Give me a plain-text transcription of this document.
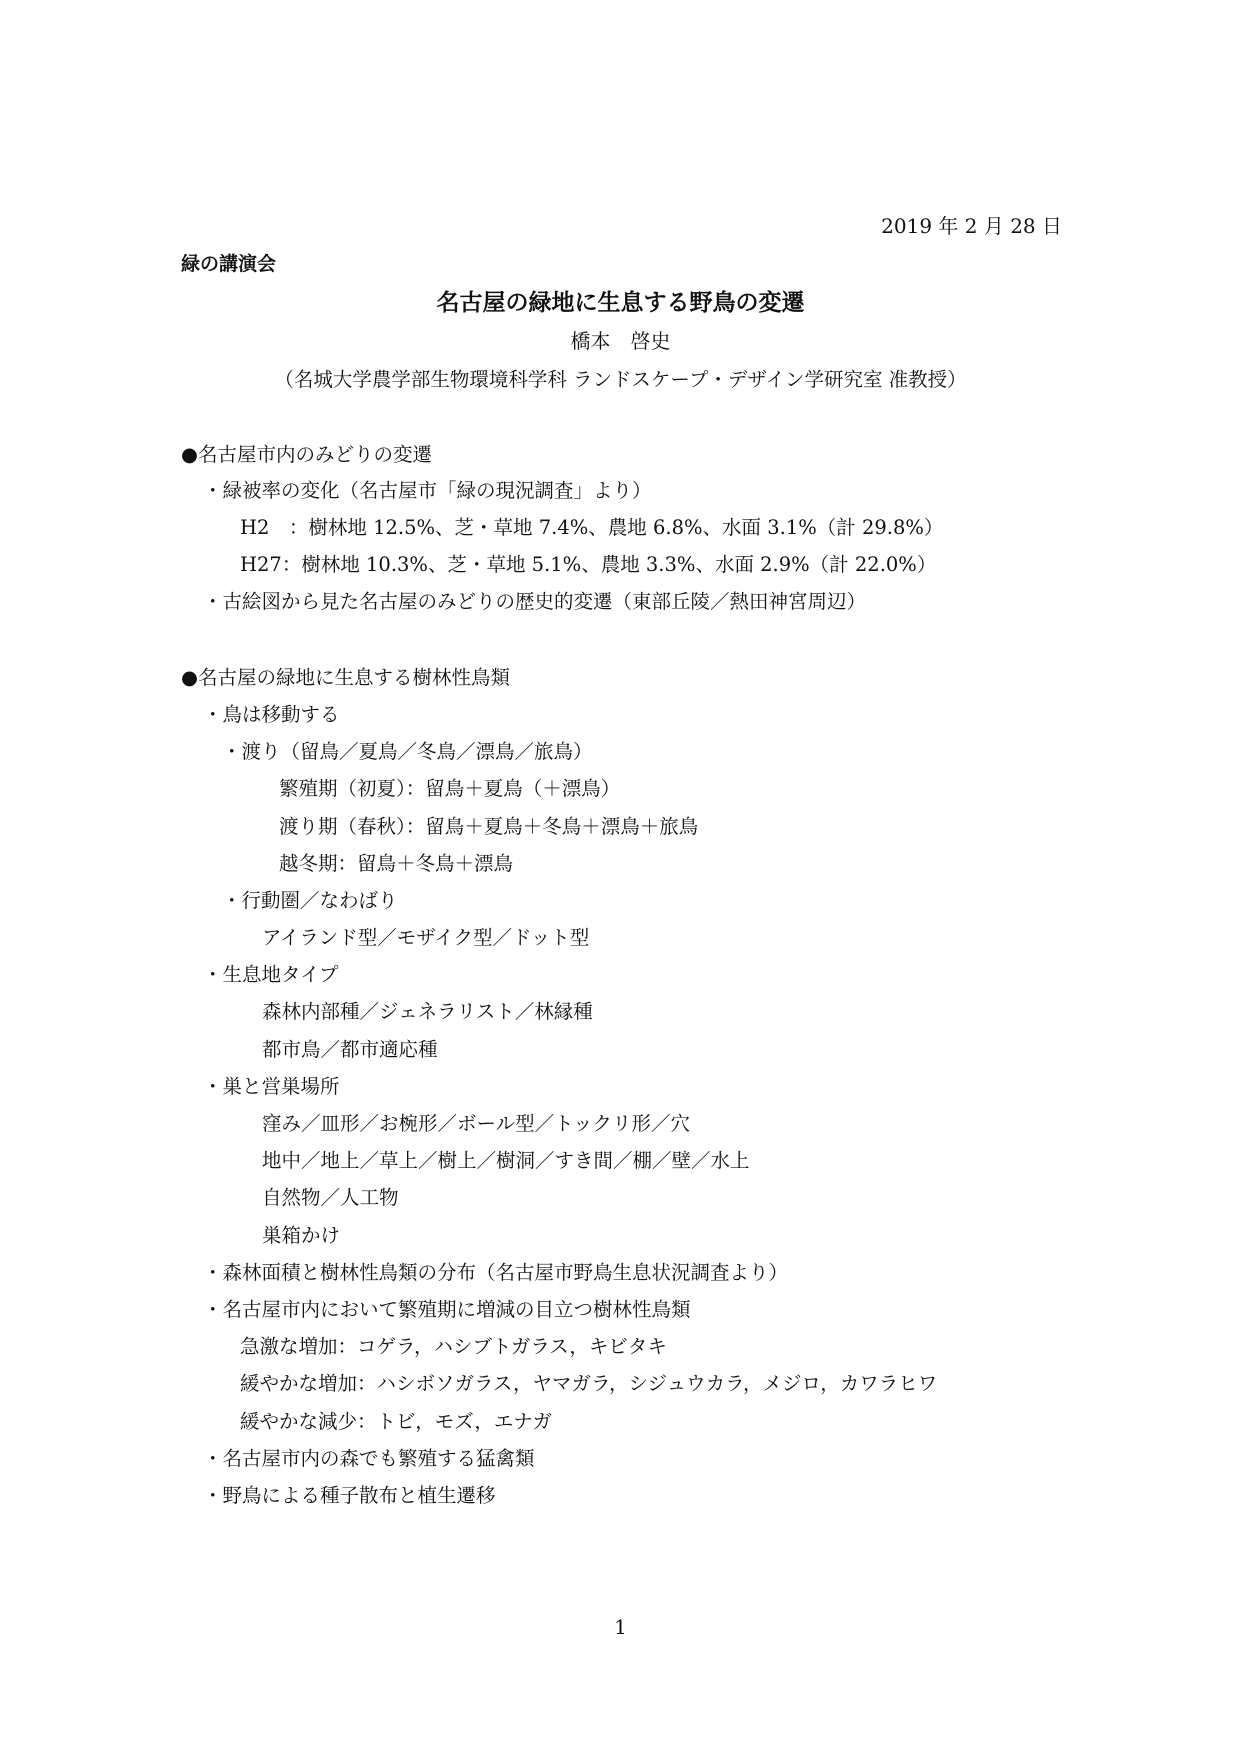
2019 年 2 月 28 日
緑の講演会
名古屋の緑地に生息する野鳥の変遷
橋本　啓史
（名城大学農学部生物環境科学科 ランドスケープ・デザイン学研究室 准教授）
●名古屋市内のみどりの変遷
・緑被率の変化（名古屋市「緑の現況調査」より）
H2　：樹林地 12.5%、芝・草地 7.4%、農地 6.8%、水面 3.1%（計 29.8%）
H27：樹林地 10.3%、芝・草地 5.1%、農地 3.3%、水面 2.9%（計 22.0%）
・古絵図から見た名古屋のみどりの歴史的変遷（東部丘陵／熱田神宮周辺）
●名古屋の緑地に生息する樹林性鳥類
・鳥は移動する
・渡り（留鳥／夏鳥／冬鳥／漂鳥／旅鳥）
繁殖期（初夏）：留鳥＋夏鳥（＋漂鳥）
渡り期（春秋）：留鳥＋夏鳥＋冬鳥＋漂鳥＋旅鳥
越冬期：留鳥＋冬鳥＋漂鳥
・行動圏／なわばり
アイランド型／モザイク型／ドット型
・生息地タイプ
森林内部種／ジェネラリスト／林縁種
都市鳥／都市適応種
・巣と営巣場所
窪み／皿形／お椀形／ボール型／トックリ形／穴
地中／地上／草上／樹上／樹洞／すき間／棚／壁／水上
自然物／人工物
巣箱かけ
・森林面積と樹林性鳥類の分布（名古屋市野鳥生息状況調査より）
・名古屋市内において繁殖期に増減の目立つ樹林性鳥類
急激な増加：コゲラ，ハシブトガラス，キビタキ
緩やかな増加：ハシボソガラス，ヤマガラ，シジュウカラ，メジロ，カワラヒワ
緩やかな減少：トビ，モズ，エナガ
・名古屋市内の森でも繁殖する猛禽類
・野鳥による種子散布と植生遷移
1
